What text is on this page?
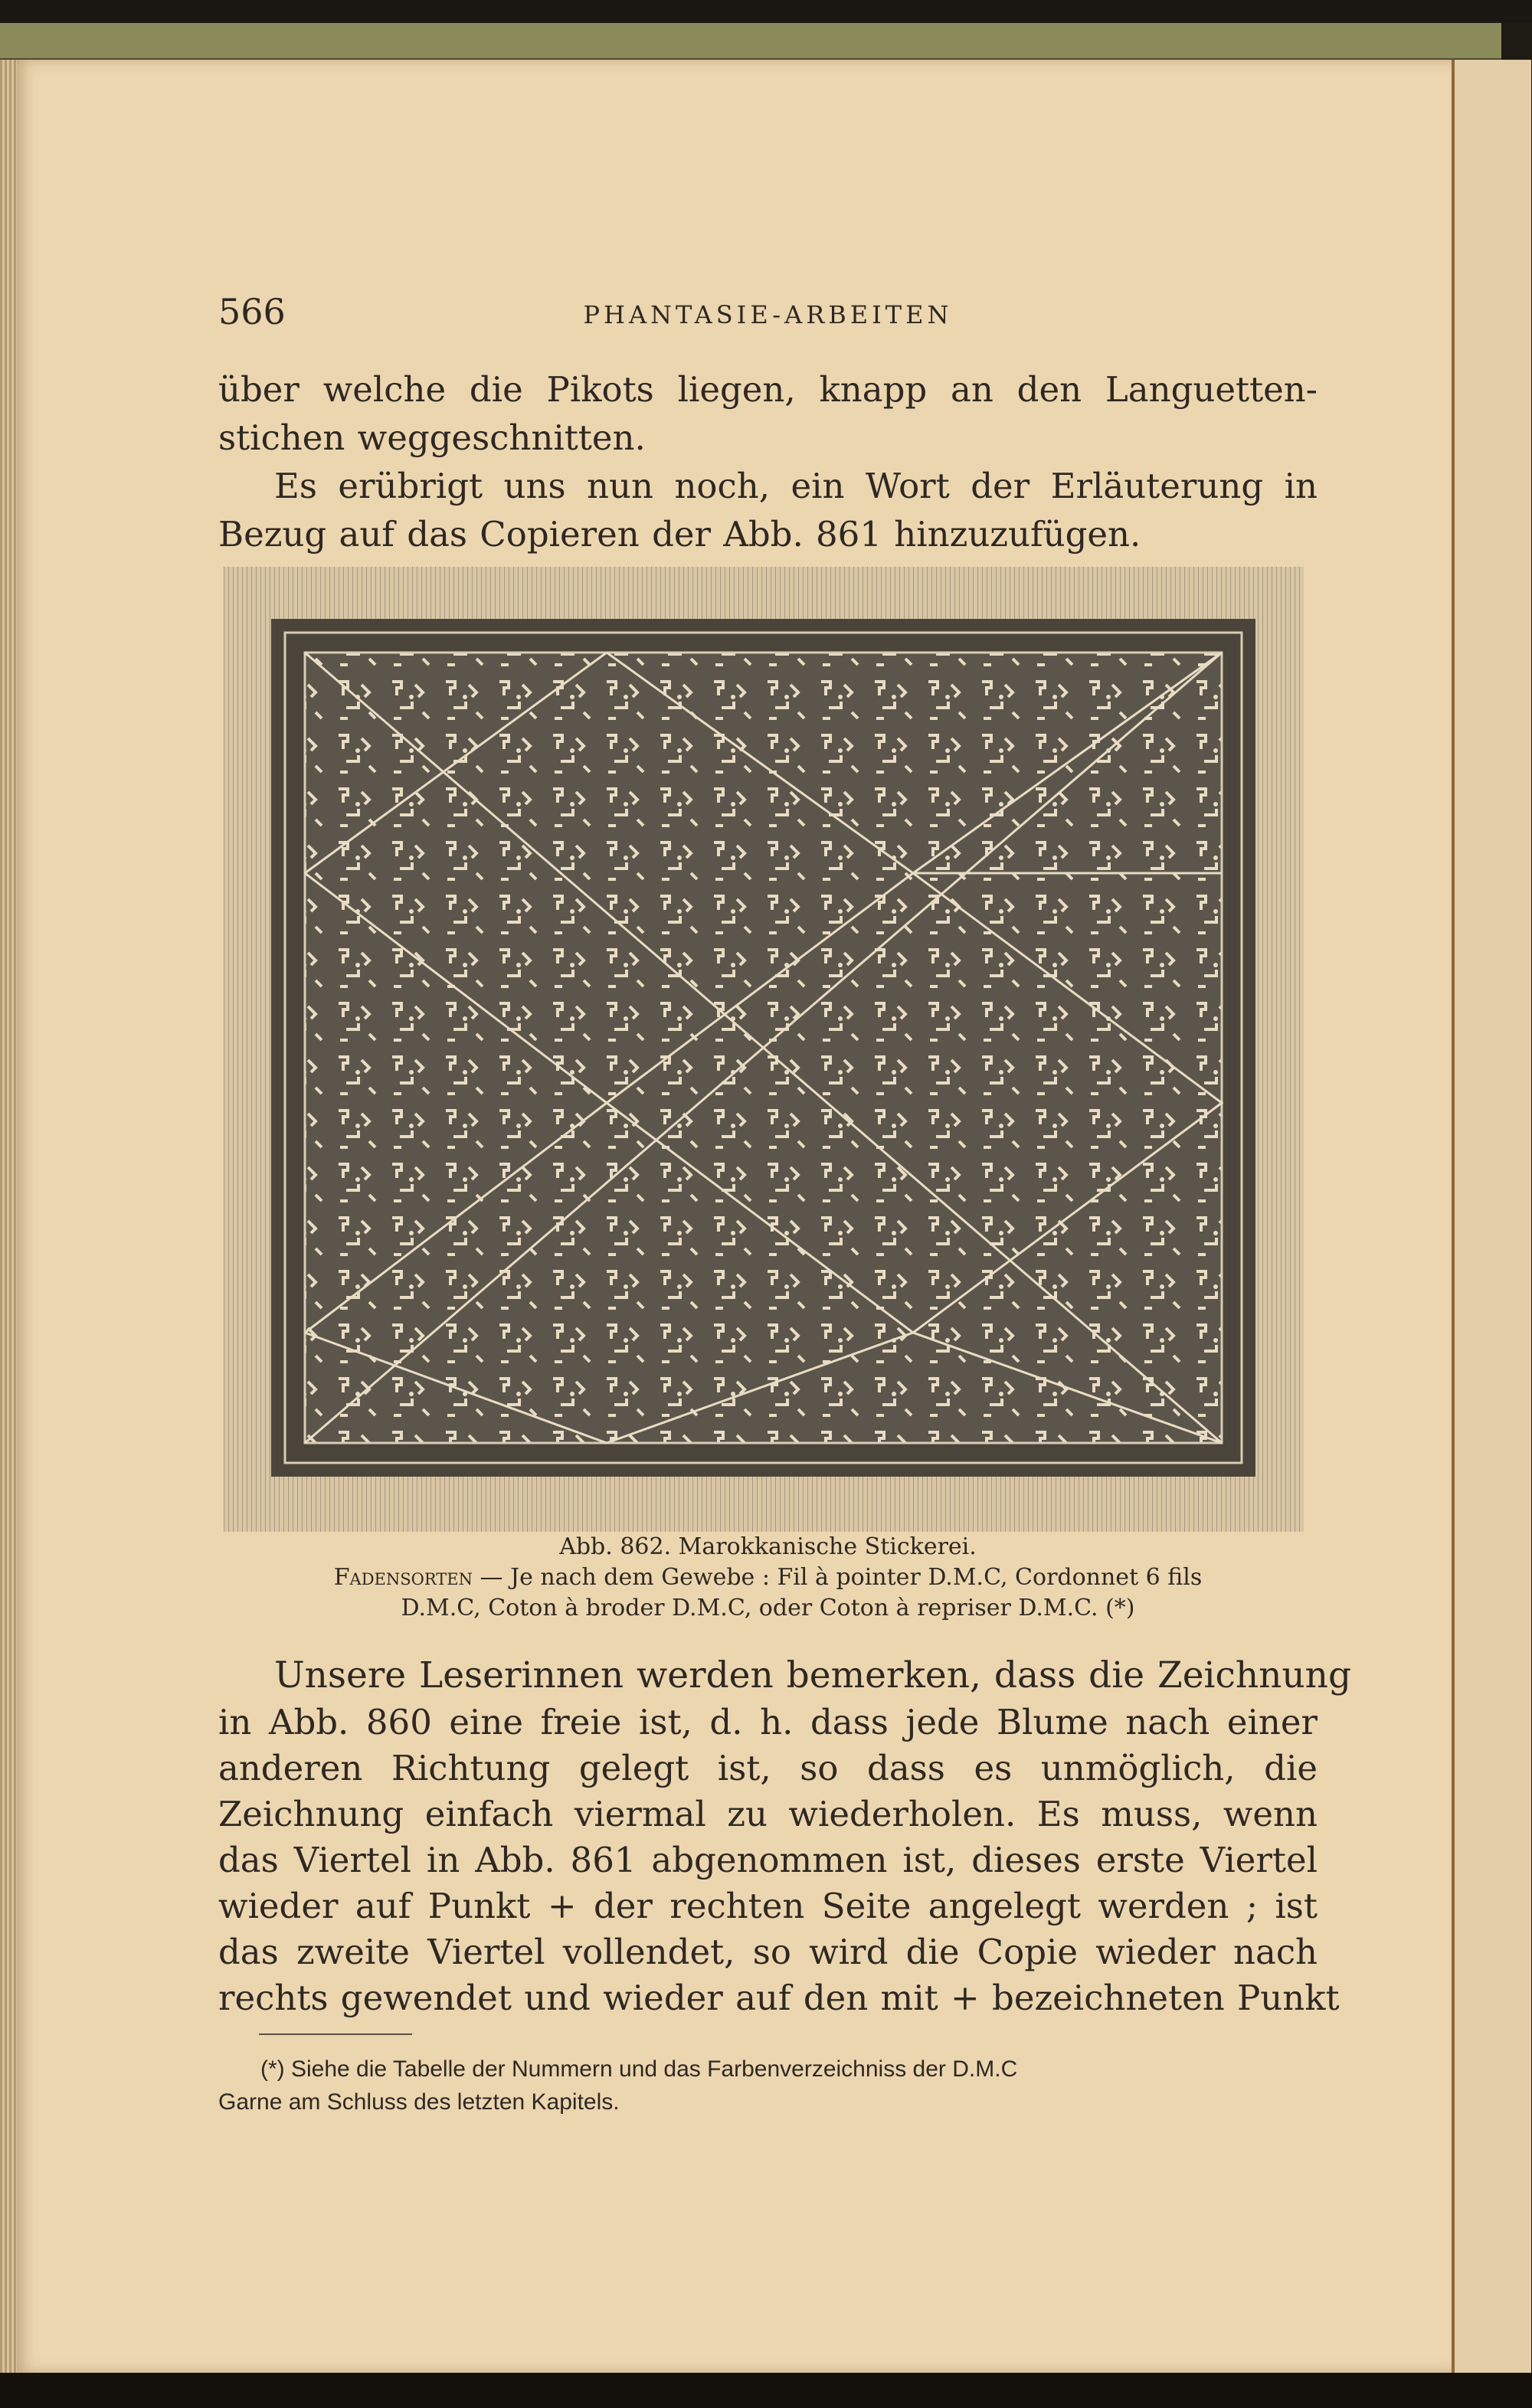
566	PHANTASIE-ARBEITEN
über welche die Pikots liegen, knapp an den Languetten-
stichen weggeschnitten.
Es erübrigt uns nun noch, ein Wort der Erläuterung in
Bezug auf das Copieren der Abb. 861 hinzuzufügen.
Abb. 862. Marokkanische Stickerei.
Fadensorten — Je nach dem Gewebe : Fil à pointer D.M.C, Cordonnet 6 fils
D.M.C, Coton à broder D.M.C, oder Coton à repriser D.M.C. (*)
Unsere Leserinnen werden bemerken, dass die Zeichnung
in Abb. 860 eine freie ist, d. h. dass jede Blume nach einer
anderen Richtung gelegt ist, so dass es unmöglich, die
Zeichnung einfach viermal zu wiederholen. Es muss, wenn
das Viertel in Abb. 861 abgenommen ist, dieses erste Viertel
wieder auf Punkt + der rechten Seite angelegt werden ; ist
das zweite Viertel vollendet, so wird die Copie wieder nach
rechts gewendet und wieder auf den mit + bezeichneten Punkt
(*) Siehe die Tabelle der Nummern und das Farbenverzeichniss der D.M.C
Garne am Schluss des letzten Kapitels.
